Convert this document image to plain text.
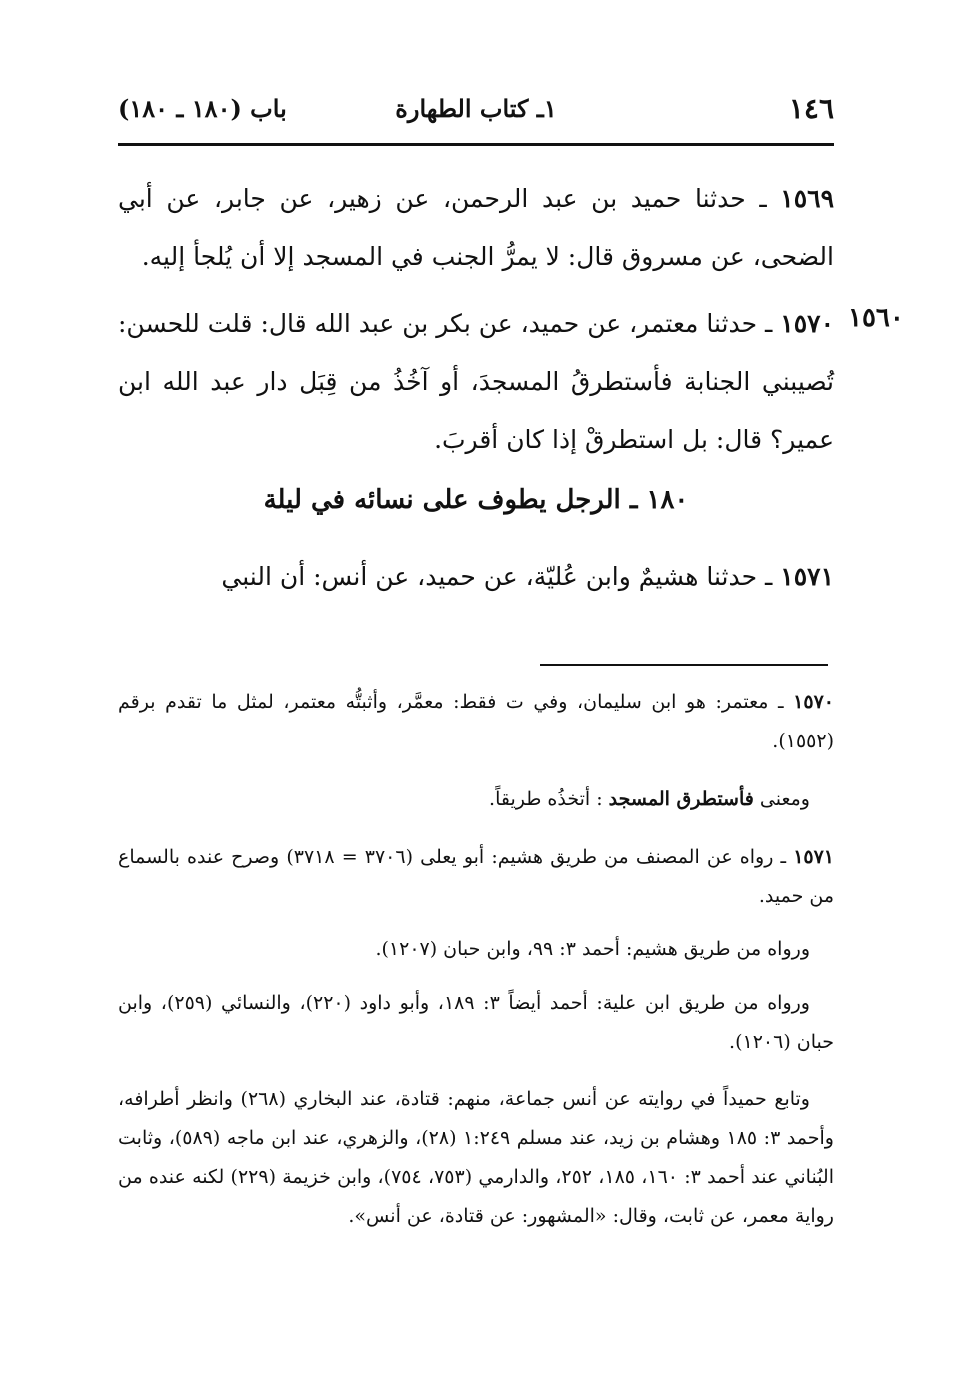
١٤٦
١ـ كتاب الطهارة
باب (١٨٠ ـ ١٨٠)
١٥٦٩ ـ حدثنا حميد بن عبد الرحمن، عن زهير، عن جابر، عن أبي الضحى، عن مسروق قال: لا يمرُّ الجنب في المسجد إلا أن يُلجأ إليه.
١٥٦٠
١٥٧٠ ـ حدثنا معتمر، عن حميد، عن بكر بن عبد الله قال: قلت للحسن: تُصيبني الجنابة فأستطرقُ المسجدَ، أو آخُذُ من قِبَل دار عبد الله ابن عمير؟ قال: بل استطرقْ إذا كان أقربَ.
١٨٠ ـ الرجل يطوف على نسائه في ليلة
١٥٧١ ـ حدثنا هشيمٌ وابن عُليّة، عن حميد، عن أنس: أن النبي
١٥٧٠ ـ معتمر: هو ابن سليمان، وفي ت فقط: معمَّر، وأثبتُّه معتمر، لمثل ما تقدم برقم (١٥٥٢).
ومعنى فأستطرق المسجد : أتخذُه طريقاً.
١٥٧١ ـ رواه عن المصنف من طريق هشيم: أبو يعلى (٣٧٠٦ = ٣٧١٨) وصرح عنده بالسماع من حميد.
ورواه من طريق هشيم: أحمد ٣: ٩٩، وابن حبان (١٢٠٧).
ورواه من طريق ابن علية: أحمد أيضاً ٣: ١٨٩، وأبو داود (٢٢٠)، والنسائي (٢٥٩)، وابن حبان (١٢٠٦).
وتابع حميداً في روايته عن أنس جماعة، منهم: قتادة، عند البخاري (٢٦٨) وانظر أطرافه، وأحمد ٣: ١٨٥ وهشام بن زيد، عند مسلم ١:٢٤٩ (٢٨)، والزهري، عند ابن ماجه (٥٨٩)، وثابت البُناني عند أحمد ٣: ١٦٠، ١٨٥، ٢٥٢، والدارمي (٧٥٣، ٧٥٤)، وابن خزيمة (٢٢٩) لكنه عنده من رواية معمر، عن ثابت، وقال: «المشهور: عن قتادة، عن أنس».
